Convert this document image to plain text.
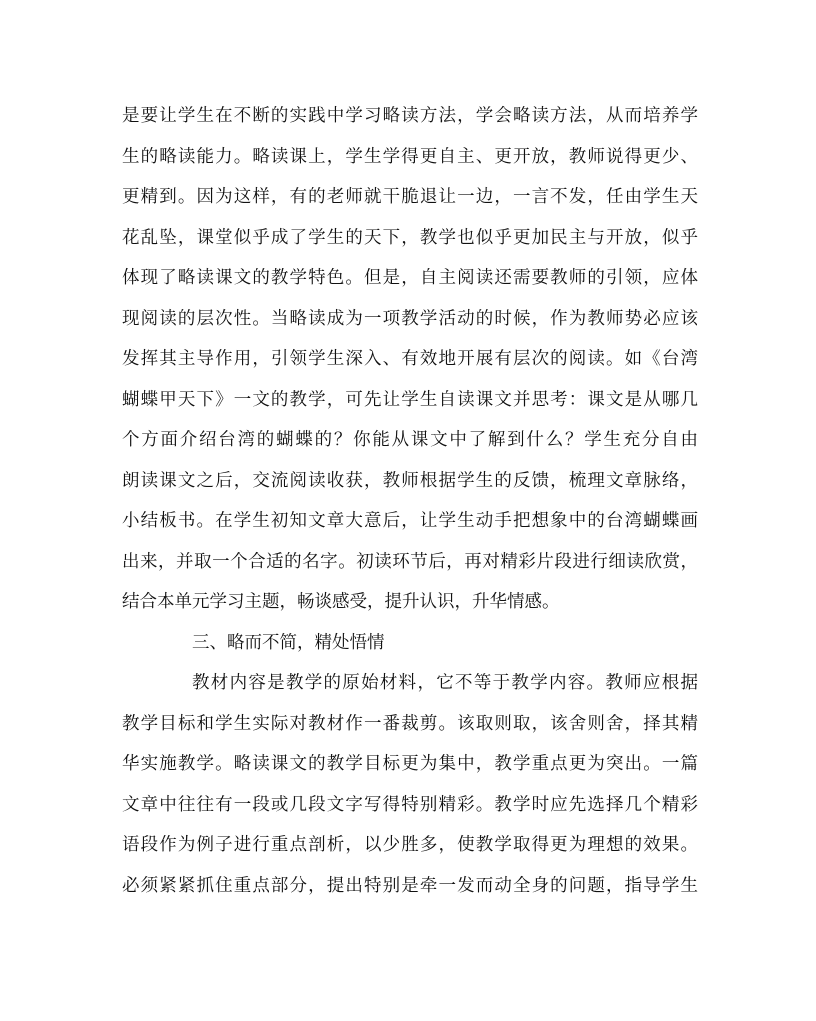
是要让学生在不断的实践中学习略读方法，学会略读方法，从而培养学
生的略读能力。略读课上，学生学得更自主、更开放，教师说得更少、
更精到。因为这样，有的老师就干脆退让一边，一言不发，任由学生天
花乱坠，课堂似乎成了学生的天下，教学也似乎更加民主与开放，似乎
体现了略读课文的教学特色。但是，自主阅读还需要教师的引领，应体
现阅读的层次性。当略读成为一项教学活动的时候，作为教师势必应该
发挥其主导作用，引领学生深入、有效地开展有层次的阅读。如《台湾
蝴蝶甲天下》一文的教学，可先让学生自读课文并思考：课文是从哪几
个方面介绍台湾的蝴蝶的？你能从课文中了解到什么？学生充分自由
朗读课文之后，交流阅读收获，教师根据学生的反馈，梳理文章脉络，
小结板书。在学生初知文章大意后，让学生动手把想象中的台湾蝴蝶画
出来，并取一个合适的名字。初读环节后，再对精彩片段进行细读欣赏，
结合本单元学习主题，畅谈感受，提升认识，升华情感。
三、略而不简，精处悟情
教材内容是教学的原始材料，它不等于教学内容。教师应根据
教学目标和学生实际对教材作一番裁剪。该取则取，该舍则舍，择其精
华实施教学。略读课文的教学目标更为集中，教学重点更为突出。一篇
文章中往往有一段或几段文字写得特别精彩。教学时应先选择几个精彩
语段作为例子进行重点剖析，以少胜多，使教学取得更为理想的效果。
必须紧紧抓住重点部分，提出特别是牵一发而动全身的问题，指导学生
